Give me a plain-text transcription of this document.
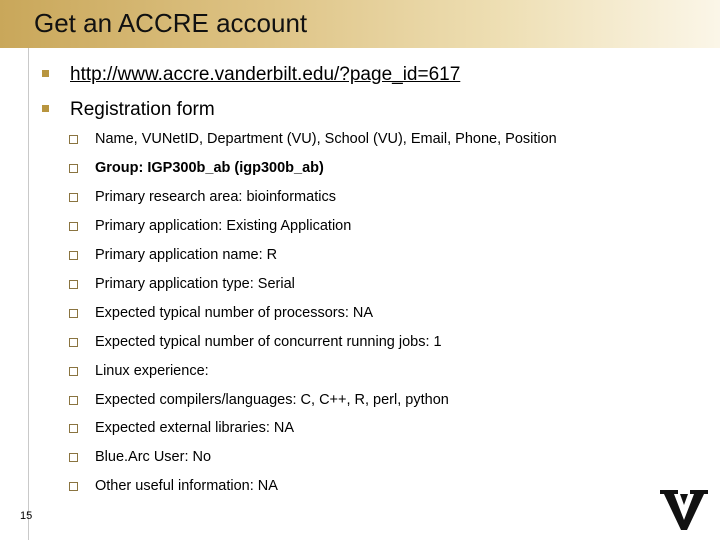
Get an ACCRE account
http://www.accre.vanderbilt.edu/?page_id=617
Registration form
Name, VUNetID, Department (VU), School (VU), Email, Phone, Position
Group: IGP300b_ab (igp300b_ab)
Primary research area: bioinformatics
Primary application: Existing Application
Primary application name: R
Primary application type: Serial
Expected typical number of processors: NA
Expected typical number of concurrent running jobs: 1
Linux experience:
Expected compilers/languages: C, C++, R, perl, python
Expected external libraries: NA
Blue.Arc User: No
Other useful information: NA
15
